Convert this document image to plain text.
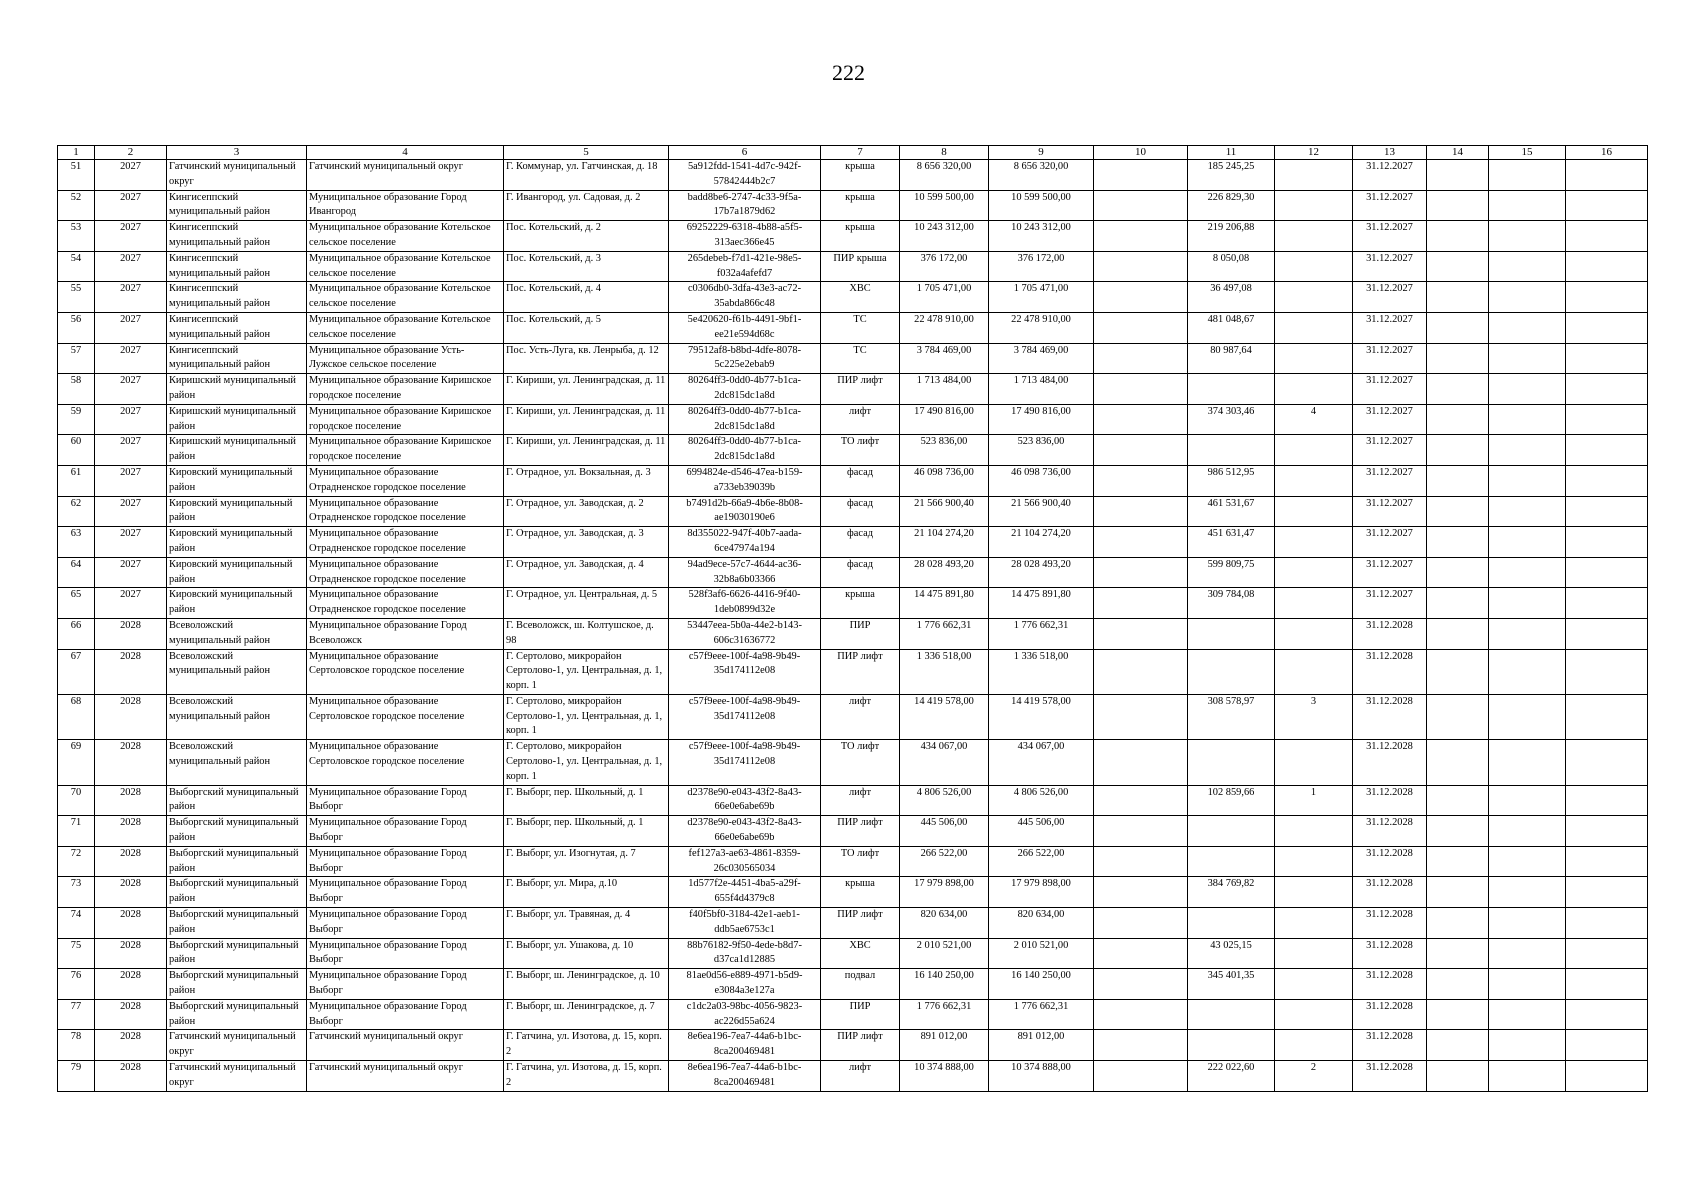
222
1	2	3	4	5	6	7	8	9	10	11	12	13	14	15	16
51	2027	Гатчинский муниципальный округ	Гатчинский муниципальный округ	Г. Коммунар, ул. Гатчинская, д. 18	5a912fdd-1541-4d7c-942f-57842444b2c7	крыша	8 656 320,00	8 656 320,00		185 245,25		31.12.2027			
52	2027	Кингисеппский муниципальный район	Муниципальное образование Город Ивангород	Г. Ивангород, ул. Садовая, д. 2	badd8be6-2747-4c33-9f5a-17b7a1879d62	крыша	10 599 500,00	10 599 500,00		226 829,30		31.12.2027			
53	2027	Кингисеппский муниципальный район	Муниципальное образование Котельское сельское поселение	Пос. Котельский, д. 2	69252229-6318-4b88-a5f5-313aec366e45	крыша	10 243 312,00	10 243 312,00		219 206,88		31.12.2027			
54	2027	Кингисеппский муниципальный район	Муниципальное образование Котельское сельское поселение	Пос. Котельский, д. 3	265debeb-f7d1-421e-98e5-f032a4afefd7	ПИР крыша	376 172,00	376 172,00		8 050,08		31.12.2027			
55	2027	Кингисеппский муниципальный район	Муниципальное образование Котельское сельское поселение	Пос. Котельский, д. 4	c0306db0-3dfa-43e3-ac72-35abda866c48	ХВС	1 705 471,00	1 705 471,00		36 497,08		31.12.2027			
56	2027	Кингисеппский муниципальный район	Муниципальное образование Котельское сельское поселение	Пос. Котельский, д. 5	5e420620-f61b-4491-9bf1-ee21e594d68c	ТС	22 478 910,00	22 478 910,00		481 048,67		31.12.2027			
57	2027	Кингисеппский муниципальный район	Муниципальное образование Усть-Лужское сельское поселение	Пос. Усть-Луга, кв. Ленрыба, д. 12	79512af8-b8bd-4dfe-8078-5c225e2ebab9	ТС	3 784 469,00	3 784 469,00		80 987,64		31.12.2027			
58	2027	Киришский муниципальный район	Муниципальное образование Киришское городское поселение	Г. Кириши, ул. Ленинградская, д. 11	80264ff3-0dd0-4b77-b1ca-2dc815dc1a8d	ПИР лифт	1 713 484,00	1 713 484,00				31.12.2027			
59	2027	Киришский муниципальный район	Муниципальное образование Киришское городское поселение	Г. Кириши, ул. Ленинградская, д. 11	80264ff3-0dd0-4b77-b1ca-2dc815dc1a8d	лифт	17 490 816,00	17 490 816,00		374 303,46	4	31.12.2027			
60	2027	Киришский муниципальный район	Муниципальное образование Киришское городское поселение	Г. Кириши, ул. Ленинградская, д. 11	80264ff3-0dd0-4b77-b1ca-2dc815dc1a8d	ТО лифт	523 836,00	523 836,00				31.12.2027			
61	2027	Кировский муниципальный район	Муниципальное образование Отрадненское городское поселение	Г. Отрадное, ул. Вокзальная, д. 3	6994824e-d546-47ea-b159-a733eb39039b	фасад	46 098 736,00	46 098 736,00		986 512,95		31.12.2027			
62	2027	Кировский муниципальный район	Муниципальное образование Отрадненское городское поселение	Г. Отрадное, ул. Заводская, д. 2	b7491d2b-66a9-4b6e-8b08-ae19030190e6	фасад	21 566 900,40	21 566 900,40		461 531,67		31.12.2027			
63	2027	Кировский муниципальный район	Муниципальное образование Отрадненское городское поселение	Г. Отрадное, ул. Заводская, д. 3	8d355022-947f-40b7-aada-6ce47974a194	фасад	21 104 274,20	21 104 274,20		451 631,47		31.12.2027			
64	2027	Кировский муниципальный район	Муниципальное образование Отрадненское городское поселение	Г. Отрадное, ул. Заводская, д. 4	94ad9ece-57c7-4644-ac36-32b8a6b03366	фасад	28 028 493,20	28 028 493,20		599 809,75		31.12.2027			
65	2027	Кировский муниципальный район	Муниципальное образование Отрадненское городское поселение	Г. Отрадное, ул. Центральная, д. 5	528f3af6-6626-4416-9f40-1deb0899d32e	крыша	14 475 891,80	14 475 891,80		309 784,08		31.12.2027			
66	2028	Всеволожский муниципальный район	Муниципальное образование Город Всеволожск	Г. Всеволожск, ш. Колтушское, д. 98	53447eea-5b0a-44e2-b143-606c31636772	ПИР	1 776 662,31	1 776 662,31				31.12.2028			
67	2028	Всеволожский муниципальный район	Муниципальное образование Сертоловское городское поселение	Г. Сертолово, микрорайон Сертолово-1, ул. Центральная, д. 1, корп. 1	c57f9eee-100f-4a98-9b49-35d174112e08	ПИР лифт	1 336 518,00	1 336 518,00				31.12.2028			
68	2028	Всеволожский муниципальный район	Муниципальное образование Сертоловское городское поселение	Г. Сертолово, микрорайон Сертолово-1, ул. Центральная, д. 1, корп. 1	c57f9eee-100f-4a98-9b49-35d174112e08	лифт	14 419 578,00	14 419 578,00		308 578,97	3	31.12.2028			
69	2028	Всеволожский муниципальный район	Муниципальное образование Сертоловское городское поселение	Г. Сертолово, микрорайон Сертолово-1, ул. Центральная, д. 1, корп. 1	c57f9eee-100f-4a98-9b49-35d174112e08	ТО лифт	434 067,00	434 067,00				31.12.2028			
70	2028	Выборгский муниципальный район	Муниципальное образование Город Выборг	Г. Выборг, пер. Школьный, д. 1	d2378e90-e043-43f2-8a43-66e0e6abe69b	лифт	4 806 526,00	4 806 526,00		102 859,66	1	31.12.2028			
71	2028	Выборгский муниципальный район	Муниципальное образование Город Выборг	Г. Выборг, пер. Школьный, д. 1	d2378e90-e043-43f2-8a43-66e0e6abe69b	ПИР лифт	445 506,00	445 506,00				31.12.2028			
72	2028	Выборгский муниципальный район	Муниципальное образование Город Выборг	Г. Выборг, ул. Изогнутая, д. 7	fef127a3-ae63-4861-8359-26c030565034	ТО лифт	266 522,00	266 522,00				31.12.2028			
73	2028	Выборгский муниципальный район	Муниципальное образование Город Выборг	Г. Выборг, ул. Мира, д.10	1d577f2e-4451-4ba5-a29f-655f4d4379c8	крыша	17 979 898,00	17 979 898,00		384 769,82		31.12.2028			
74	2028	Выборгский муниципальный район	Муниципальное образование Город Выборг	Г. Выборг, ул. Травяная, д. 4	f40f5bf0-3184-42e1-aeb1-ddb5ae6753c1	ПИР лифт	820 634,00	820 634,00				31.12.2028			
75	2028	Выборгский муниципальный район	Муниципальное образование Город Выборг	Г. Выборг, ул. Ушакова, д. 10	88b76182-9f50-4ede-b8d7-d37ca1d12885	ХВС	2 010 521,00	2 010 521,00		43 025,15		31.12.2028			
76	2028	Выборгский муниципальный район	Муниципальное образование Город Выборг	Г. Выборг, ш. Ленинградское, д. 10	81ae0d56-e889-4971-b5d9-e3084a3e127a	подвал	16 140 250,00	16 140 250,00		345 401,35		31.12.2028			
77	2028	Выборгский муниципальный район	Муниципальное образование Город Выборг	Г. Выборг, ш. Ленинградское, д. 7	c1dc2a03-98bc-4056-9823-ac226d55a624	ПИР	1 776 662,31	1 776 662,31				31.12.2028			
78	2028	Гатчинский муниципальный округ	Гатчинский муниципальный округ	Г. Гатчина, ул. Изотова, д. 15, корп. 2	8e6ea196-7ea7-44a6-b1bc-8ca200469481	ПИР лифт	891 012,00	891 012,00				31.12.2028			
79	2028	Гатчинский муниципальный округ	Гатчинский муниципальный округ	Г. Гатчина, ул. Изотова, д. 15, корп. 2	8e6ea196-7ea7-44a6-b1bc-8ca200469481	лифт	10 374 888,00	10 374 888,00		222 022,60	2	31.12.2028			
